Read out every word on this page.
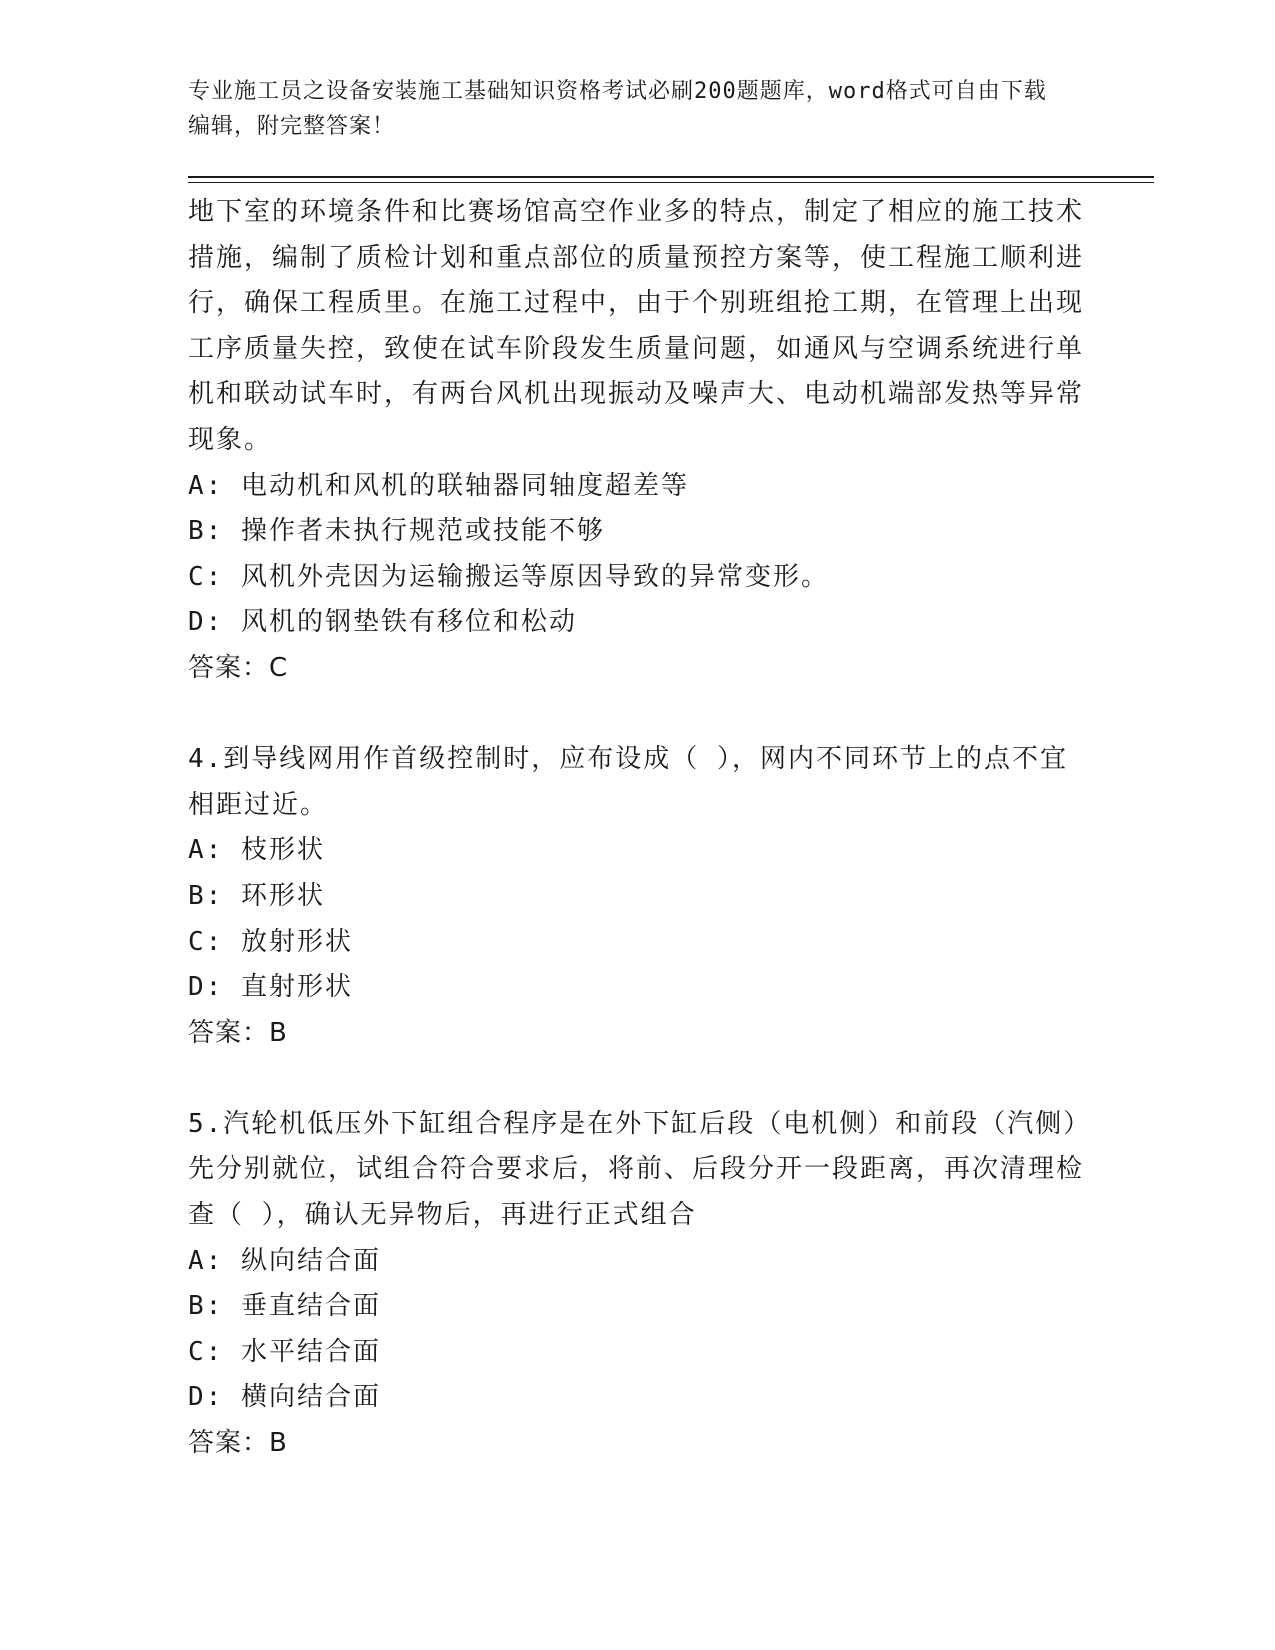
专业施工员之设备安装施工基础知识资格考试必刷200题题库，word格式可自由下载编辑，附完整答案！

地下室的环境条件和比赛场馆高空作业多的特点，制定了相应的施工技术措施，编制了质检计划和重点部位的质量预控方案等，使工程施工顺利进行，确保工程质里。在施工过程中，由于个别班组抢工期，在管理上出现工序质量失控，致使在试车阶段发生质量问题，如通风与空调系统进行单机和联动试车时，有两台风机出现振动及噪声大、电动机端部发热等异常现象。

A: 电动机和风机的联轴器同轴度超差等

B: 操作者未执行规范或技能不够

C: 风机外壳因为运输搬运等原因导致的异常变形。

D: 风机的钢垫铁有移位和松动

答案：C

4.到导线网用作首级控制时，应布设成（ ），网内不同环节上的点不宜相距过近。

A: 枝形状

B: 环形状

C: 放射形状

D: 直射形状

答案：B

5.汽轮机低压外下缸组合程序是在外下缸后段（电机侧）和前段（汽侧）先分别就位，试组合符合要求后，将前、后段分开一段距离，再次清理检查（ ），确认无异物后，再进行正式组合

A: 纵向结合面

B: 垂直结合面

C: 水平结合面

D: 横向结合面

答案：B
